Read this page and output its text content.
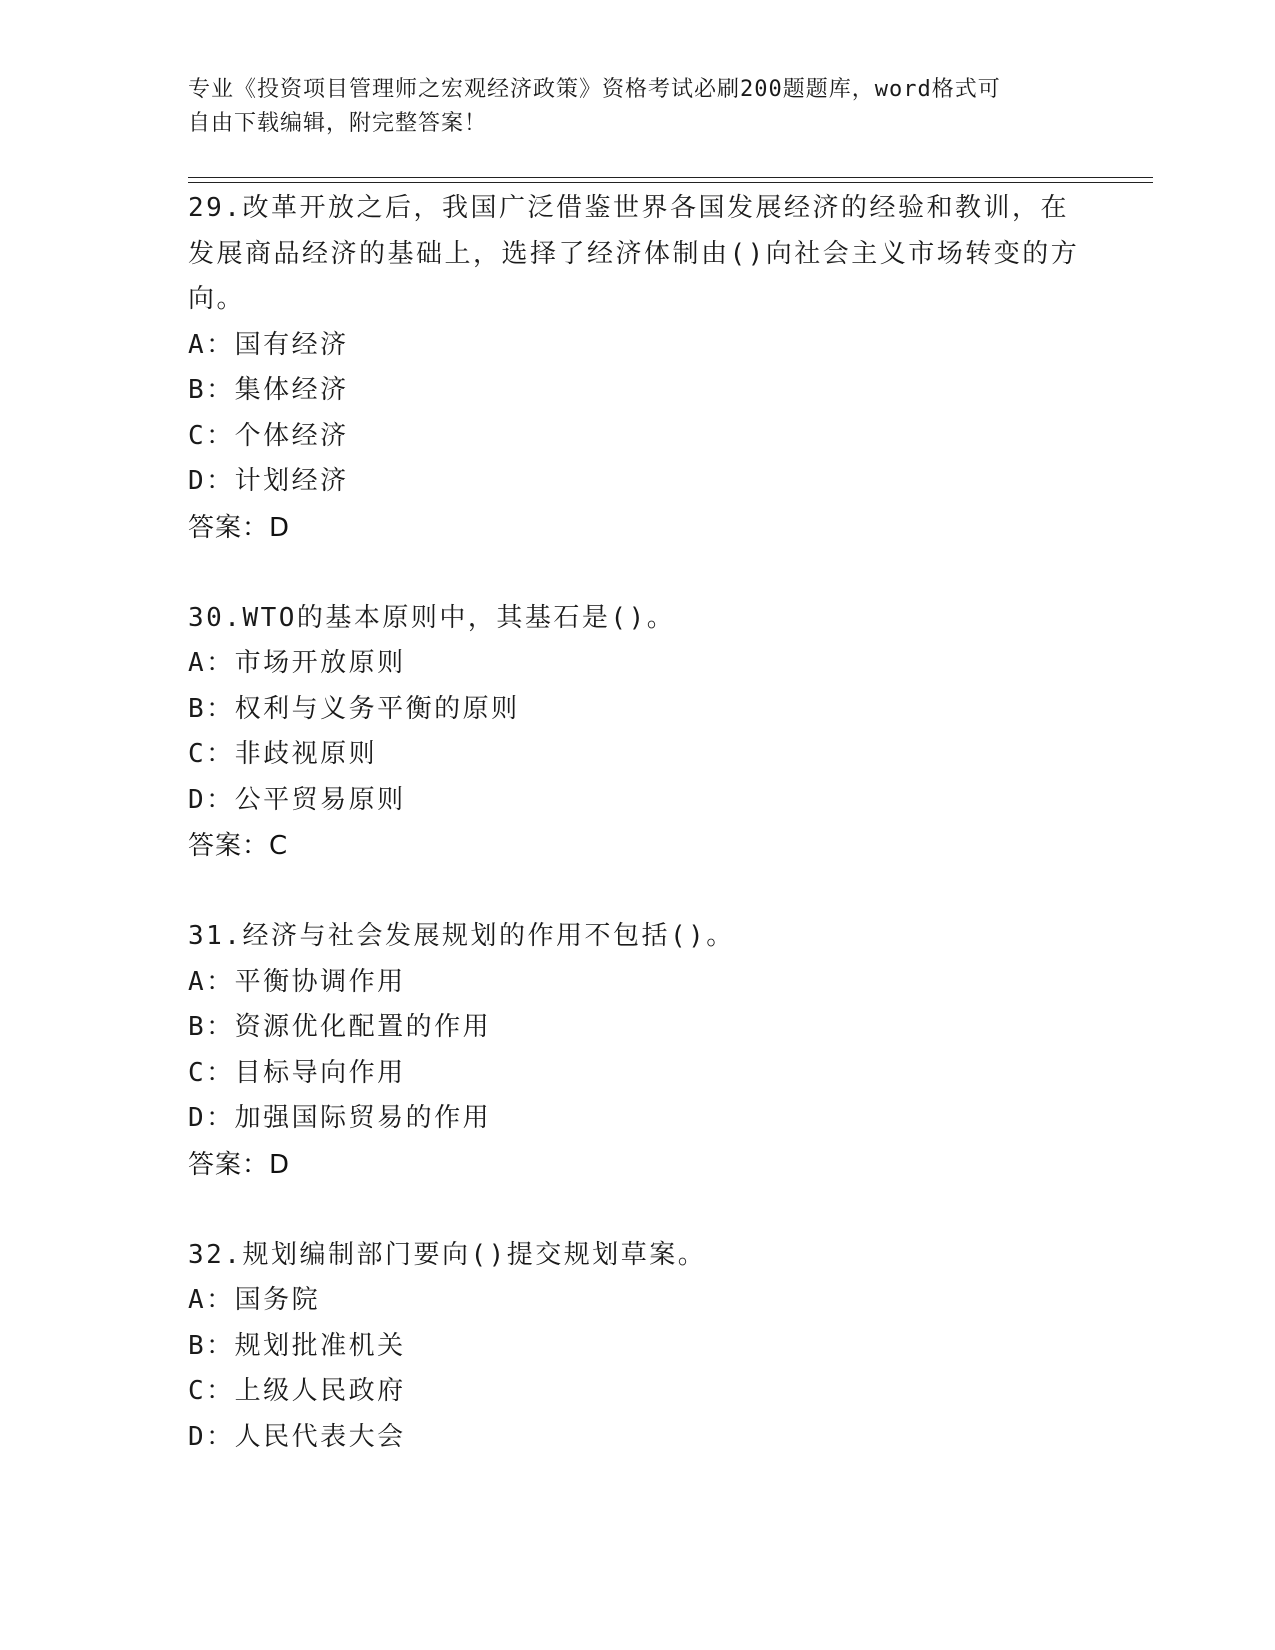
专业《投资项目管理师之宏观经济政策》资格考试必刷200题题库，word格式可
自由下载编辑，附完整答案！
29.改革开放之后，我国广泛借鉴世界各国发展经济的经验和教训，在发展商品经济的基础上，选择了经济体制由()向社会主义市场转变的方向。
A：国有经济
B：集体经济
C：个体经济
D：计划经济
答案：D
30.WTO的基本原则中，其基石是()。
A：市场开放原则
B：权利与义务平衡的原则
C：非歧视原则
D：公平贸易原则
答案：C
31.经济与社会发展规划的作用不包括()。
A：平衡协调作用
B：资源优化配置的作用
C：目标导向作用
D：加强国际贸易的作用
答案：D
32.规划编制部门要向()提交规划草案。
A：国务院
B：规划批准机关
C：上级人民政府
D：人民代表大会
